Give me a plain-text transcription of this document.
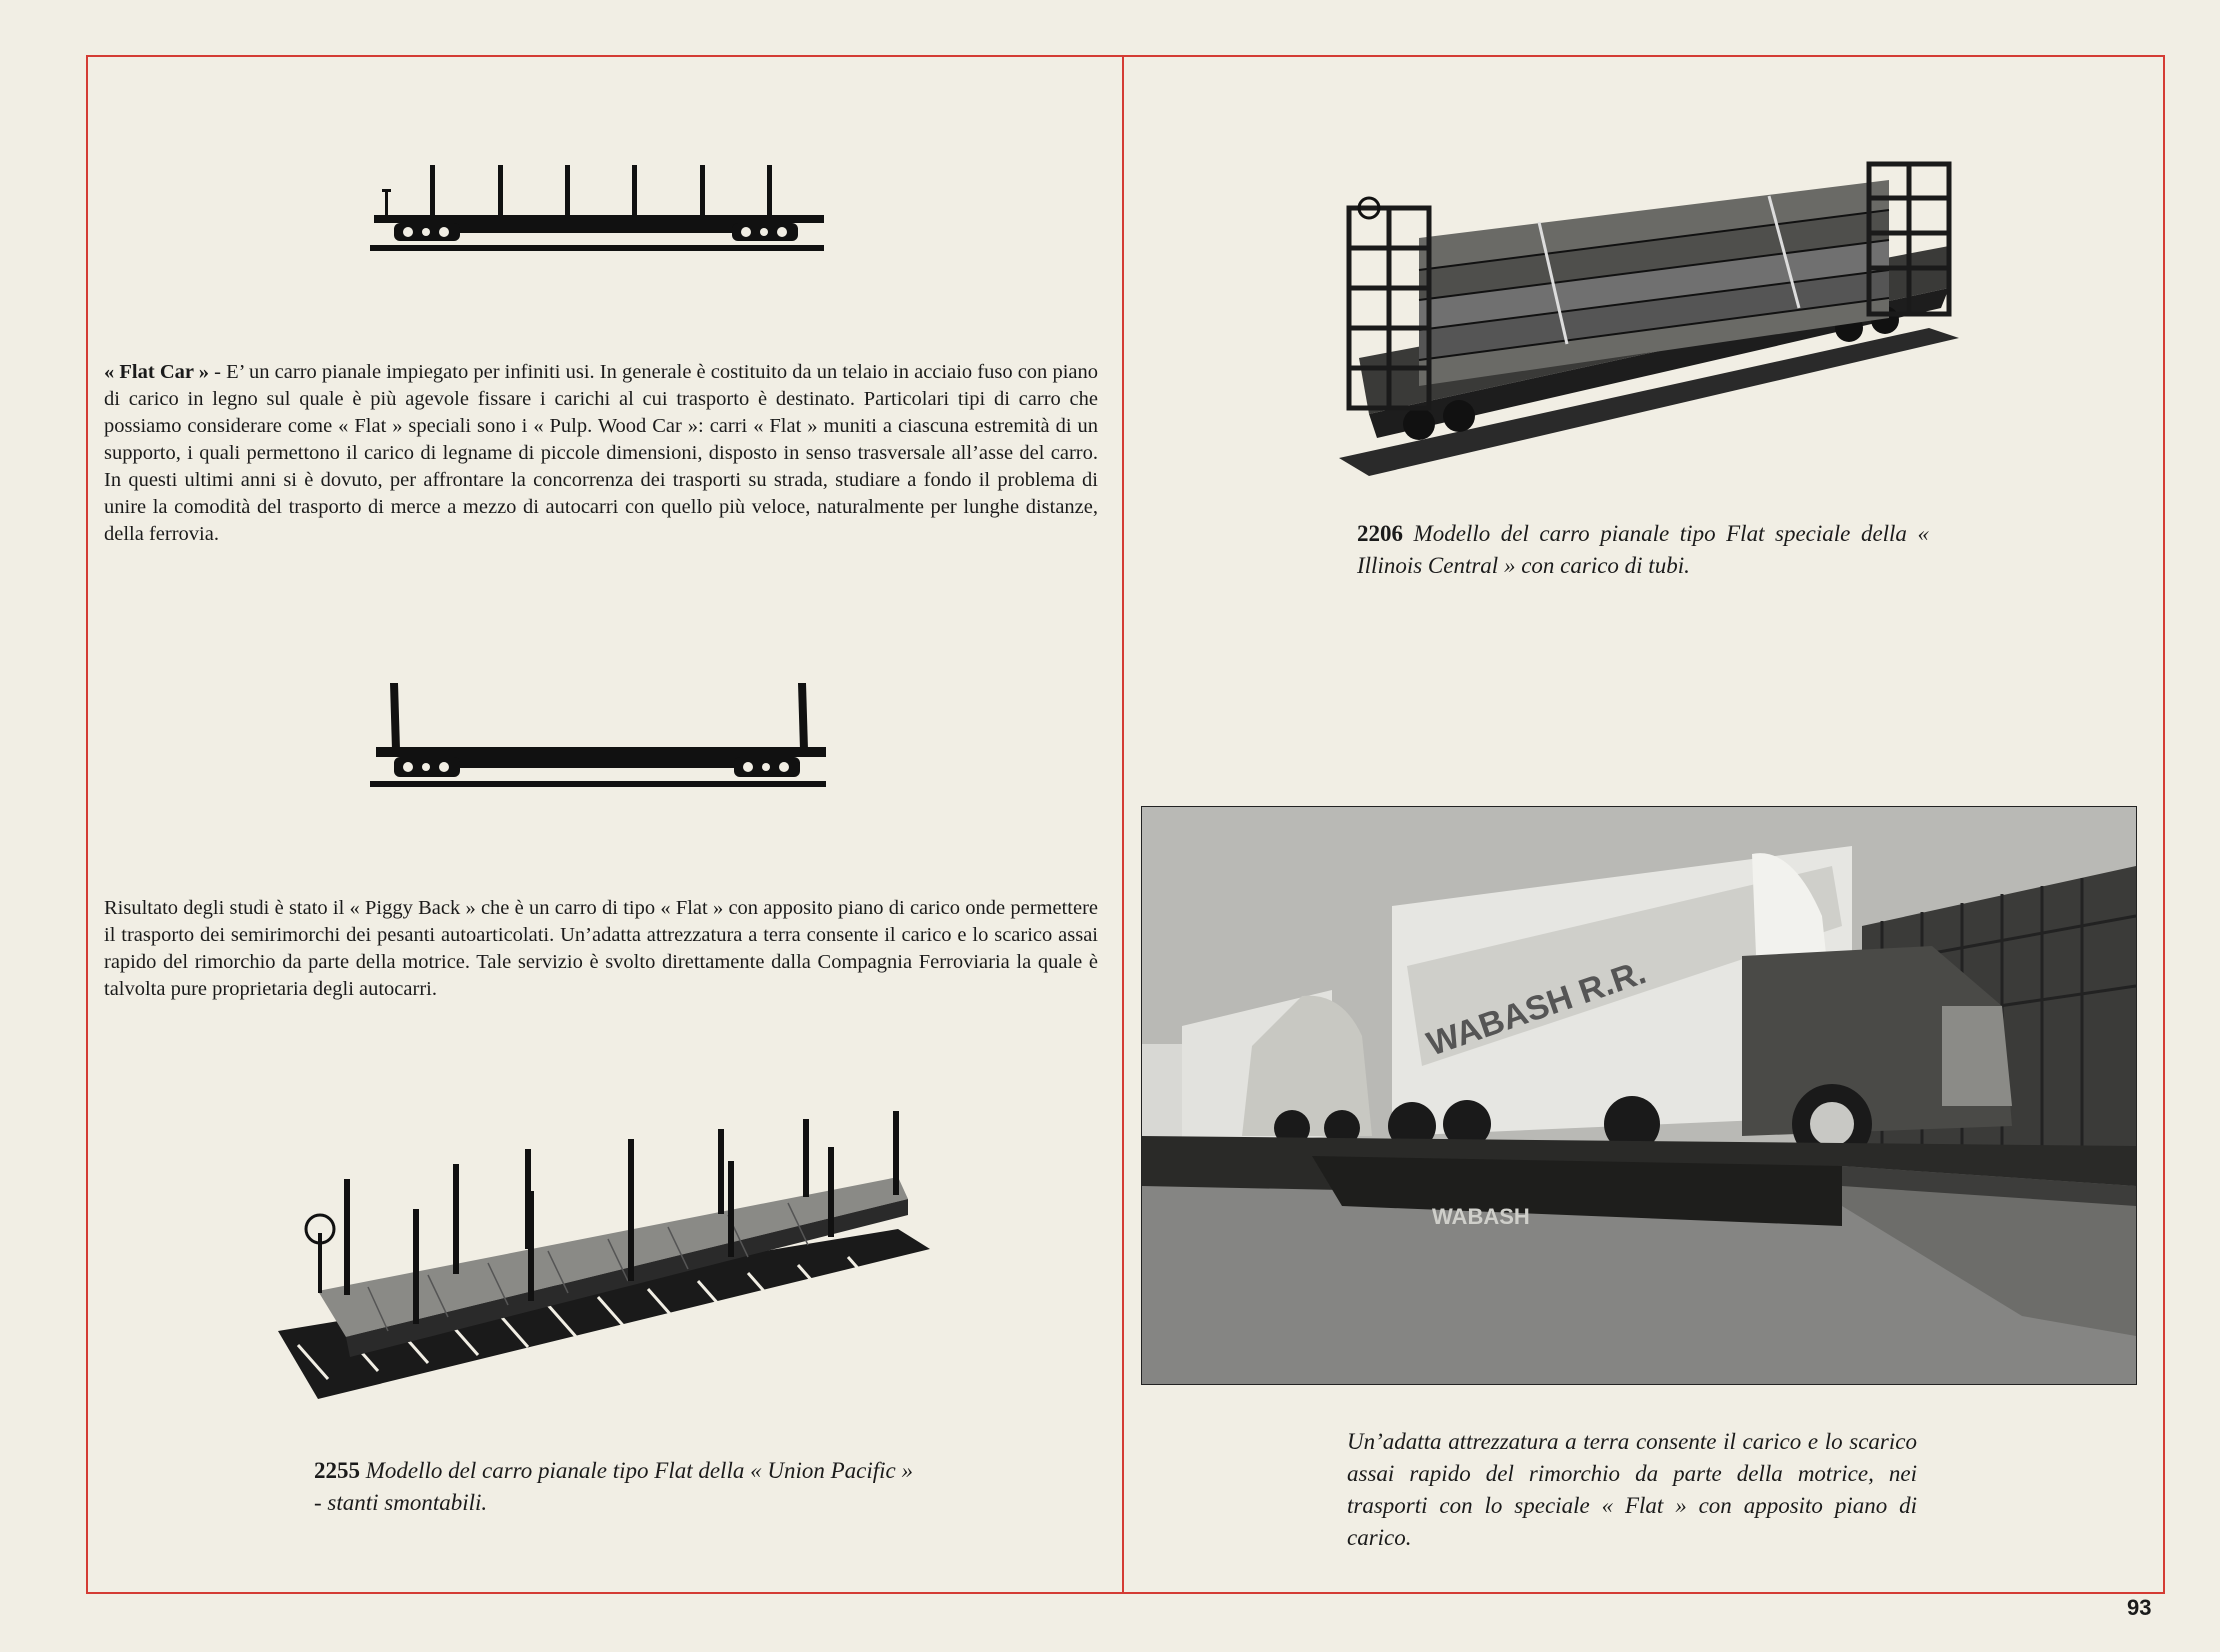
« Flat Car » - E’ un carro pianale impiegato per infiniti usi. In generale è costituito da un telaio in acciaio fuso con piano di carico in legno sul quale è più agevole fissare i carichi al cui trasporto è destinato. Particolari tipi di carro che possiamo considerare come « Flat » speciali sono i « Pulp. Wood Car »: carri « Flat » muniti a ciascuna estremità di un supporto, i quali permettono il carico di legname di piccole dimensioni, disposto in senso trasversale all’asse del carro. In questi ultimi anni si è dovuto, per affrontare la concorrenza dei trasporti su strada, studiare a fondo il problema di unire la comodità del trasporto di merce a mezzo di autocarri con quello più veloce, naturalmente per lunghe distanze, della ferrovia.

Risultato degli studi è stato il « Piggy Back » che è un carro di tipo « Flat » con apposito piano di carico onde permettere il trasporto dei semirimorchi dei pesanti autoarticolati. Un’adatta attrezzatura a terra consente il carico e lo scarico assai rapido del rimorchio da parte della motrice. Tale servizio è svolto direttamente dalla Compagnia Ferroviaria la quale è talvolta pure proprietaria degli autocarri.

2255 Modello del carro pianale tipo Flat della « Union Pacific » - stanti smontabili.

2206 Modello del carro pianale tipo Flat speciale della « Illinois Central » con carico di tubi.

WABASH R.R.
WABASH

Un’adatta attrezzatura a terra consente il carico e lo scarico assai rapido del rimorchio da parte della motrice, nei trasporti con lo speciale « Flat » con apposito piano di carico.

93
